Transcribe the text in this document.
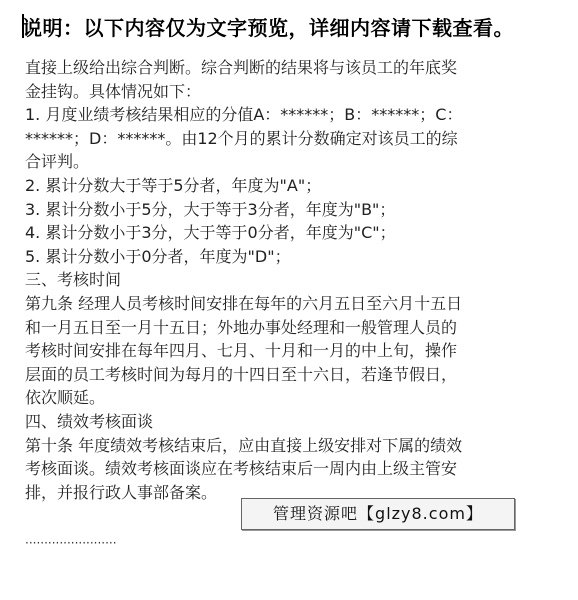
说明：以下内容仅为文字预览，详细内容请下载查看。
直接上级给出综合判断。综合判断的结果将与该员工的年底奖
金挂钩。具体情况如下：
1. 月度业绩考核结果相应的分值A：******；B：******；C：
******；D：******。由12个月的累计分数确定对该员工的综
合评判。
2. 累计分数大于等于5分者，年度为"A"；
3. 累计分数小于5分，大于等于3分者，年度为"B"；
4. 累计分数小于3分，大于等于0分者，年度为"C"；
5. 累计分数小于0分者，年度为"D"；
三、考核时间
第九条 经理人员考核时间安排在每年的六月五日至六月十五日
和一月五日至一月十五日；外地办事处经理和一般管理人员的
考核时间安排在每年四月、七月、十月和一月的中上旬，操作
层面的员工考核时间为每月的十四日至十六日，若逢节假日，
依次顺延。
四、绩效考核面谈
第十条 年度绩效考核结束后，应由直接上级安排对下属的绩效
考核面谈。绩效考核面谈应在考核结束后一周内由上级主管安
排，并报行政人事部备案。
管理资源吧【glzy8.com】
························
